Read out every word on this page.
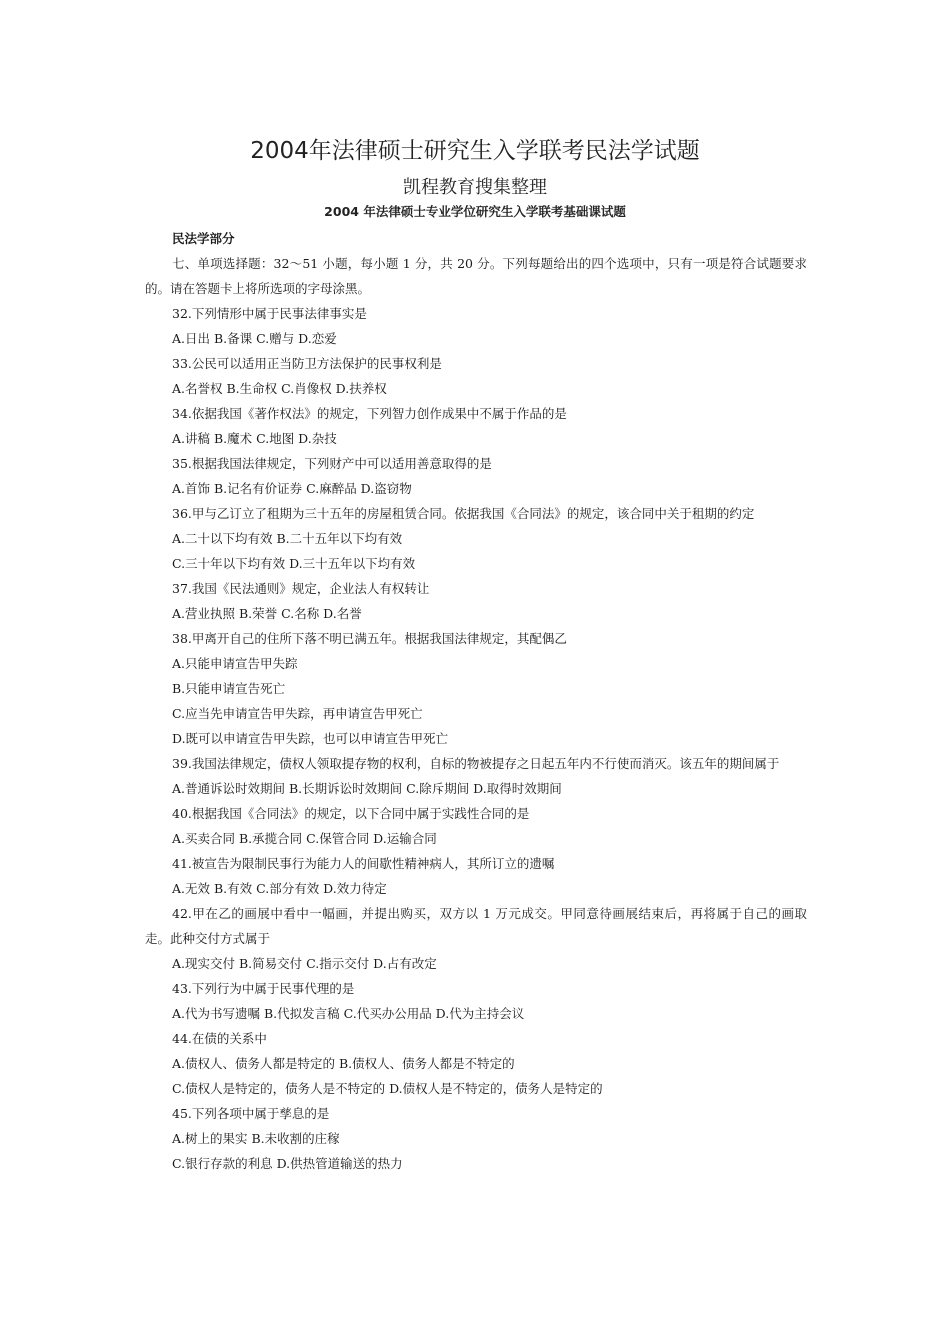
2004年法律硕士研究生入学联考民法学试题
凯程教育搜集整理
2004 年法律硕士专业学位研究生入学联考基础课试题
民法学部分

七、单项选择题：32～51 小题，每小题 1 分，共 20 分。下列每题给出的四个选项中，只有一项是符合试题要求的。请在答题卡上将所选项的字母涂黑。

32.下列情形中属于民事法律事实是
A.日出 B.备课 C.赠与 D.恋爱
33.公民可以适用正当防卫方法保护的民事权利是
A.名誉权 B.生命权 C.肖像权 D.扶养权
34.依据我国《著作权法》的规定，下列智力创作成果中不属于作品的是
A.讲稿 B.魔术 C.地图 D.杂技
35.根据我国法律规定，下列财产中可以适用善意取得的是
A.首饰 B.记名有价证券 C.麻醉品 D.盗窃物

36.甲与乙订立了租期为三十五年的房屋租赁合同。依据我国《合同法》的规定，该合同中关于租期的约定

A.二十以下均有效 B.二十五年以下均有效
C.三十年以下均有效 D.三十五年以下均有效
37.我国《民法通则》规定，企业法人有权转让
A.营业执照 B.荣誉 C.名称 D.名誉
38.甲离开自己的住所下落不明已满五年。根据我国法律规定，其配偶乙
A.只能申请宣告甲失踪
B.只能申请宣告死亡
C.应当先申请宣告甲失踪，再申请宣告甲死亡
D.既可以申请宣告甲失踪，也可以申请宣告甲死亡

39.我国法律规定，债权人领取提存物的权利，自标的物被提存之日起五年内不行使而消灭。该五年的期间属于

A.普通诉讼时效期间 B.长期诉讼时效期间 C.除斥期间 D.取得时效期间
40.根据我国《合同法》的规定，以下合同中属于实践性合同的是
A.买卖合同 B.承揽合同 C.保管合同 D.运输合同
41.被宣告为限制民事行为能力人的间歇性精神病人，其所订立的遗嘱
A.无效 B.有效 C.部分有效 D.效力待定

42.甲在乙的画展中看中一幅画，并提出购买，双方以 1 万元成交。甲同意待画展结束后，再将属于自己的画取走。此种交付方式属于

A.现实交付 B.简易交付 C.指示交付 D.占有改定
43.下列行为中属于民事代理的是
A.代为书写遗嘱 B.代拟发言稿 C.代买办公用品 D.代为主持会议
44.在债的关系中
A.债权人、债务人都是特定的 B.债权人、债务人都是不特定的
C.债权人是特定的，债务人是不特定的 D.债权人是不特定的，债务人是特定的
45.下列各项中属于孳息的是
A.树上的果实 B.未收割的庄稼
C.银行存款的利息 D.供热管道输送的热力
